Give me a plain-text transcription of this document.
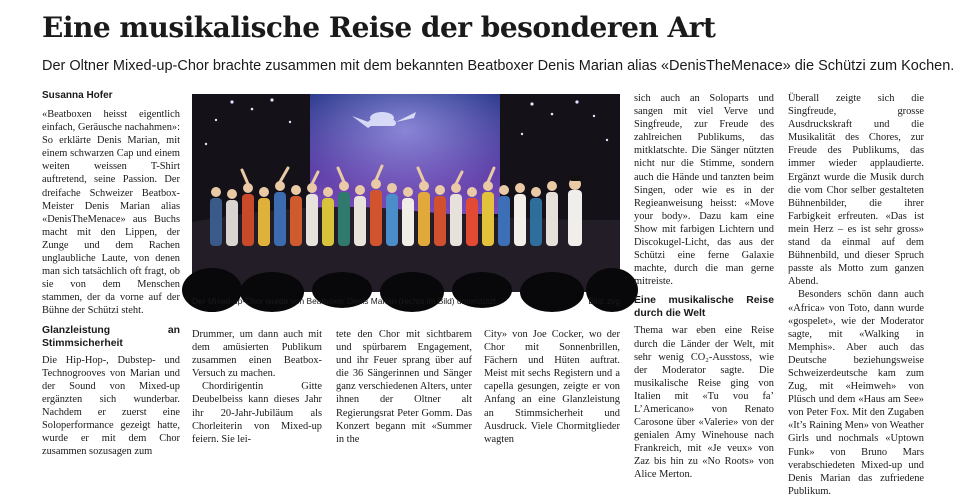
Eine musikalische Reise der besonderen Art
Der Oltner Mixed-up-Chor brachte zusammen mit dem bekannten Beatboxer Denis Marian alias «DenisTheMenace» die Schützi zum Kochen.
Susanna Hofer

«Beatboxen heisst eigentlich einfach, Geräusche nachahmen»: So erklärte Denis Marian, mit einem schwarzen Cap und einem weiten weissen T-Shirt auftretend, seine Passion. Der dreifache Schweizer Beatbox-Meister Denis Marian alias «DenisTheMenace» aus Buchs macht mit den Lippen, der Zunge und dem Rachen unglaubliche Laute, von denen man sich tatsächlich oft fragt, ob sie von dem Menschen stammen, der da vorne auf der Bühne der Schützi steht.

Glanzleistung an Stimmsicherheit

Die Hip-Hop-, Dubstep- und Technogrooves von Marian und der Sound von Mixed-up ergänzten sich wunderbar. Nachdem er zuerst eine Soloperformance gezeigt hatte, wurde er mit dem Chor zusammen sozusagen zum

Der Mixed-up-Chor wurde von Beatboxer Denis Marian (rechts im Bild) unterstützt.	Bild: zvg

Drummer, um dann auch mit dem amüsierten Publikum zusammen einen Beatbox-Versuch zu machen.

Chordirigentin Gitte Deubelbeiss kann dieses Jahr ihr 20-Jahr-Jubiläum als Chorleiterin von Mixed-up feiern. Sie lei-

tete den Chor mit sichtbarem und spürbarem Engagement, und ihr Feuer sprang über auf die 36 Sängerinnen und Sänger ganz verschiedenen Alters, unter ihnen der Oltner alt Regierungsrat Peter Gomm. Das Konzert begann mit «Summer in the

City» von Joe Cocker, wo der Chor mit Sonnenbrillen, Fächern und Hüten auftrat. Meist mit sechs Registern und a capella gesungen, zeigte er von Anfang an eine Glanzleistung an Stimmsicherheit und Ausdruck. Viele Chormitglieder wagten

sich auch an Soloparts und sangen mit viel Verve und Singfreude, zur Freude des zahlreichen Publikums, das mitklatschte. Die Sänger nützten nicht nur die Stimme, sondern auch die Hände und tanzten beim Singen, oder wie es in der Regieanweisung heisst: «Move your body». Dazu kam eine Show mit farbigen Lichtern und Discokugel-Licht, das aus der Schützi eine ferne Galaxie machte, durch die man gerne mitreiste.

Eine musikalische Reise durch die Welt

Thema war eben eine Reise durch die Länder der Welt, mit sehr wenig CO₂-Ausstoss, wie der Moderator sagte. Die musikalische Reise ging von Italien mit «Tu vou fa’ L’Americano» von Renato Carosone über «Valerie» von der genialen Amy Winehouse nach Frankreich, mit «Je veux» von Zaz bis hin zu «No Roots» von Alice Merton.

Überall zeigte sich die Singfreude, grosse Ausdruckskraft und die Musikalität des Chores, zur Freude des Publikums, das immer wieder applaudierte. Ergänzt wurde die Musik durch die vom Chor selber gestalteten Bühnenbilder, die ihrer Farbigkeit erfreuten. «Das ist mein Herz – es ist sehr gross» stand da einmal auf dem Bühnenbild, und dieser Spruch passte als Motto zum ganzen Abend.

Besonders schön dann auch «Africa» von Toto, dann wurde «gospelet», wie der Moderator sagte, mit «Walking in Memphis». Aber auch das Deutsche beziehungsweise Schweizerdeutsche kam zum Zug, mit «Heimweh» von Plüsch und dem «Haus am See» von Peter Fox. Mit den Zugaben «It’s Raining Men» von Weather Girls und nochmals «Uptown Funk» von Bruno Mars verabschiedeten Mixed-up und Denis Marian das zufriedene Publikum.
